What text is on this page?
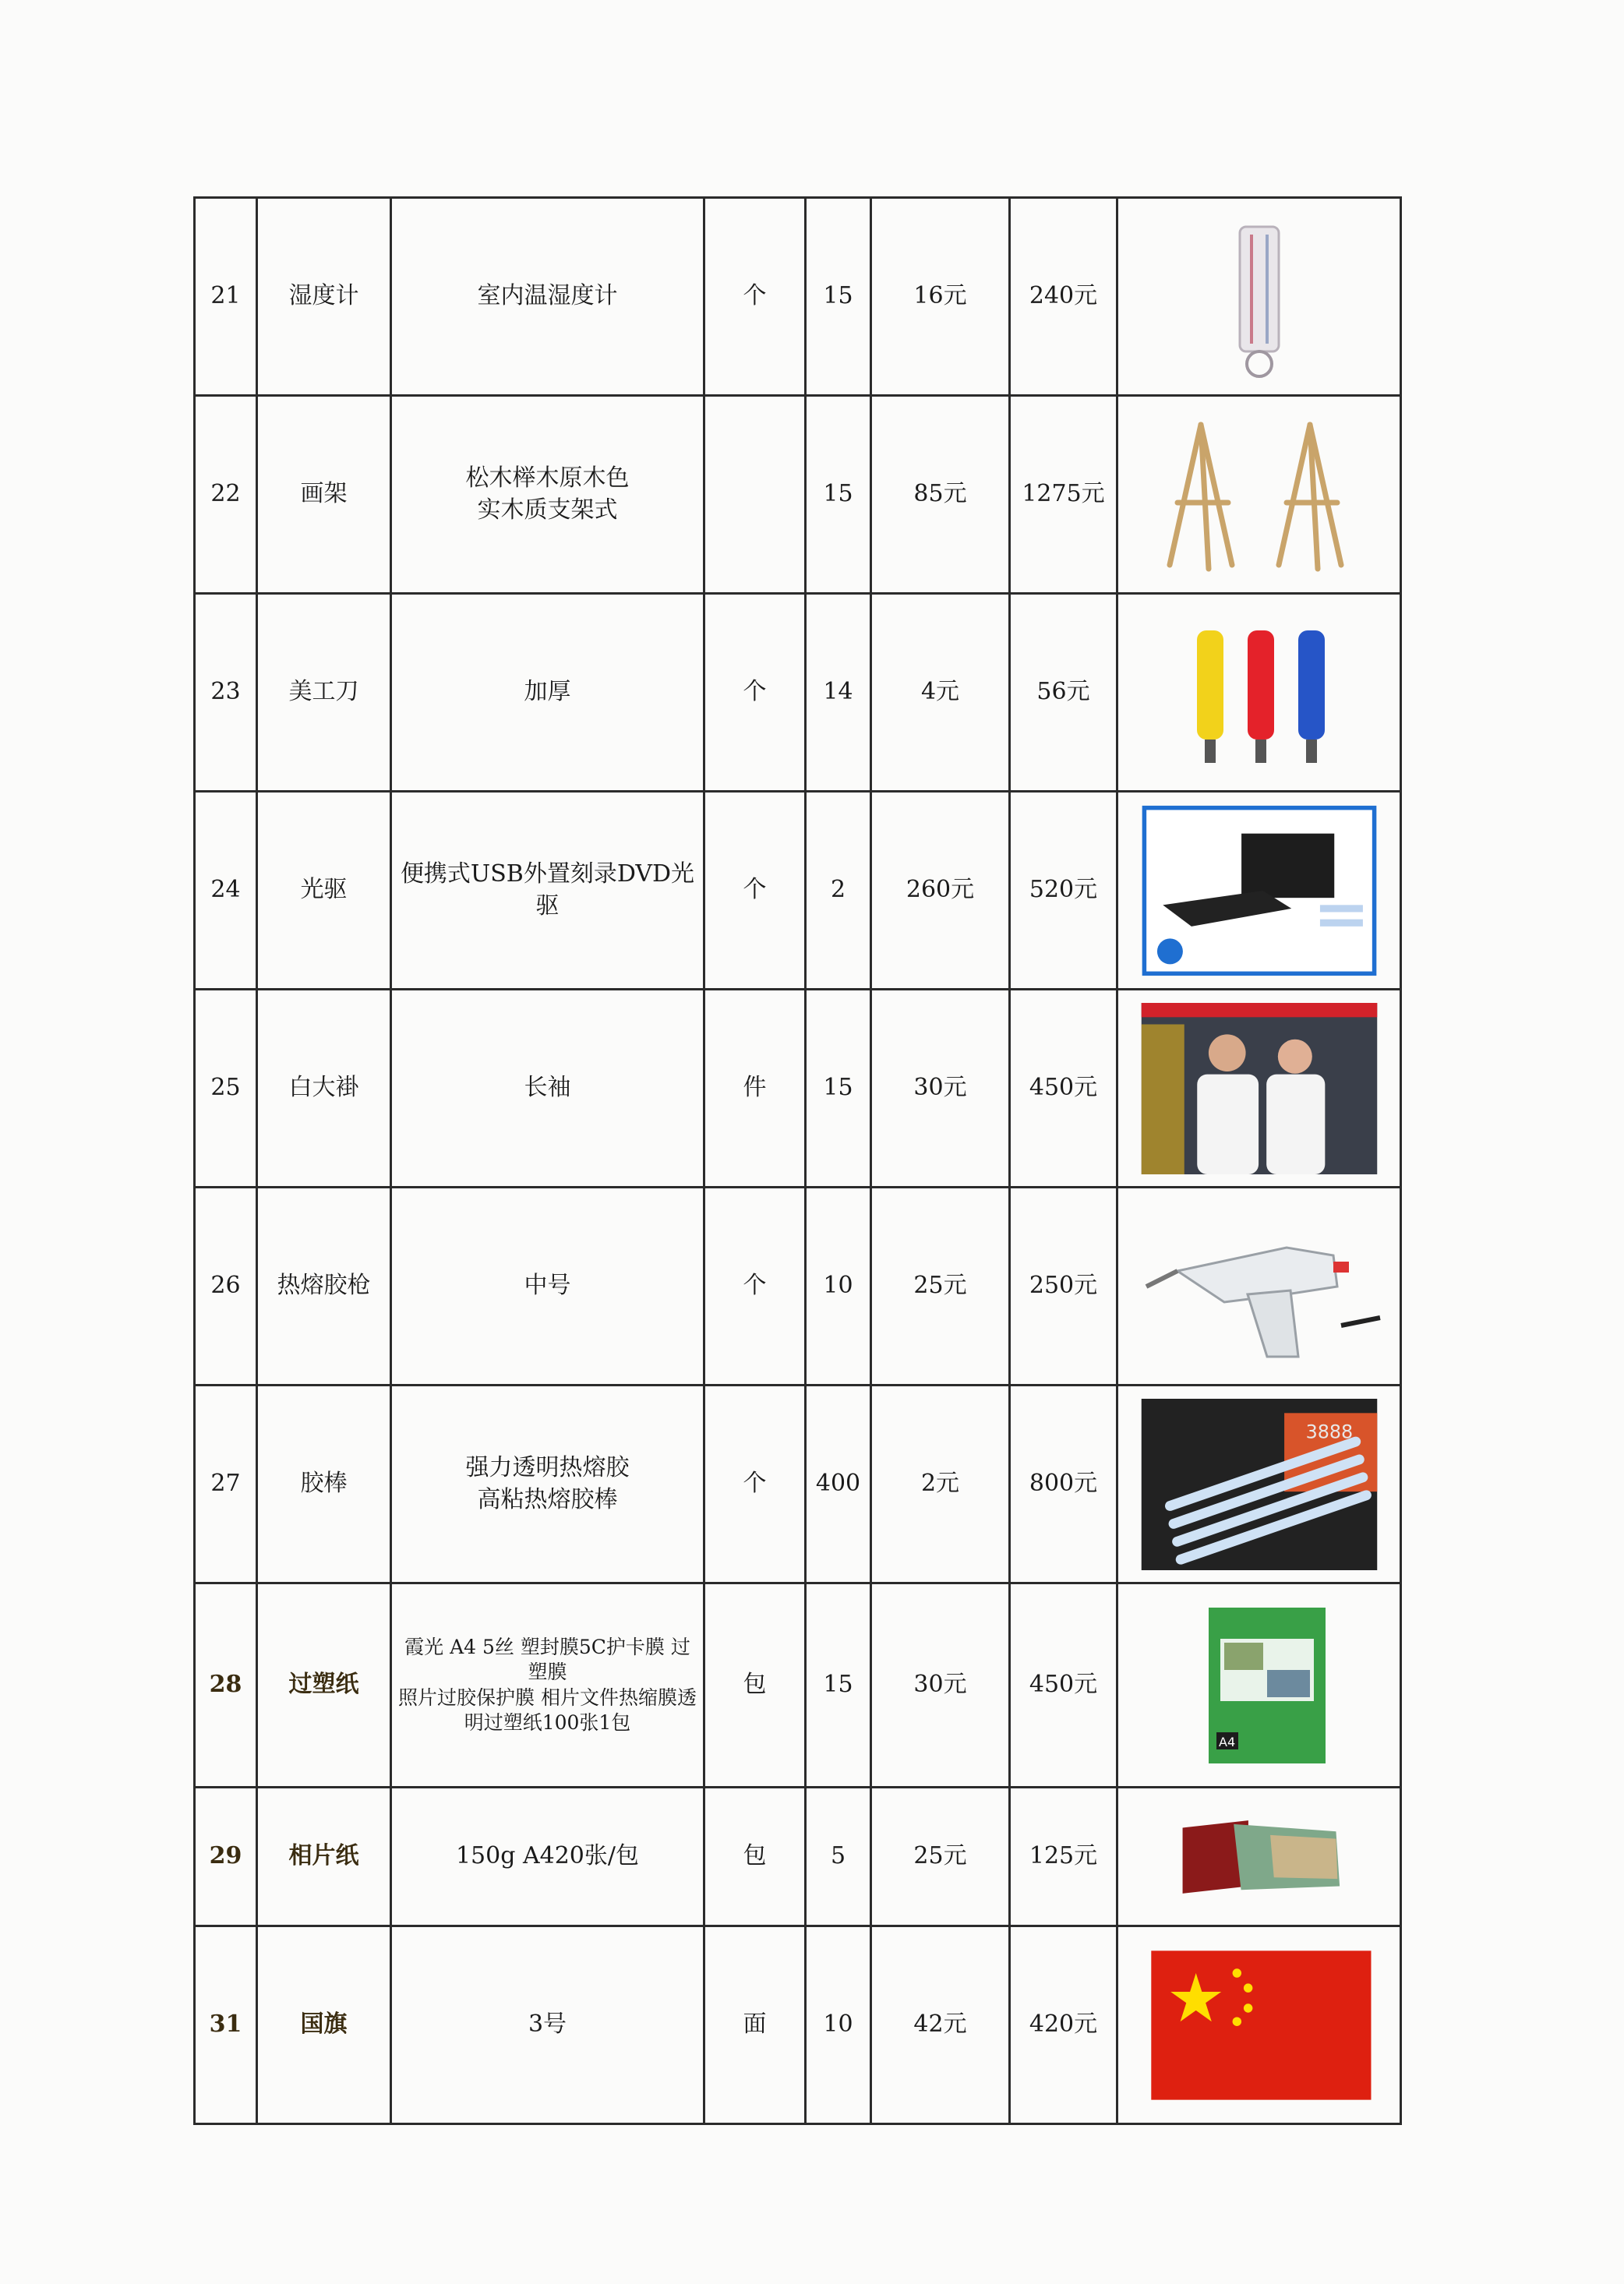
21	湿度计	室内温湿度计	个	15	16元	240元	

22	画架	松木榉木原木色
实木质支架式		15	85元	1275元	

23	美工刀	加厚	个	14	4元	56元	

24	光驱	便携式USB外置刻录DVD光驱	个	2	260元	520元	

25	白大褂	长袖	件	15	30元	450元	

26	热熔胶枪	中号	个	10	25元	250元	

27	胶棒	强力透明热熔胶
高粘热熔胶棒	个	400	2元	800元	3888

28	过塑纸	霞光 A4 5丝 塑封膜5C护卡膜 过塑膜
照片过胶保护膜 相片文件热缩膜透明过塑纸100张1包	包	15	30元	450元	A4

29	相片纸	150g A420张/包	包	5	25元	125元	

31	国旗	3号	面	10	42元	420元	
